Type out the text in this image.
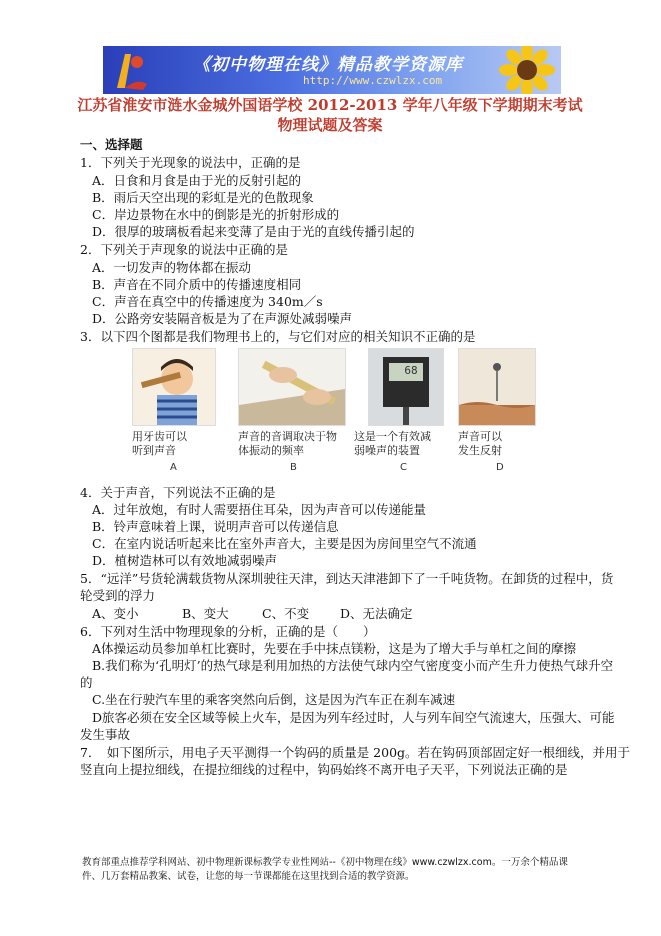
《初中物理在线》精品教学资源库
http://www.czwlzx.com
江苏省淮安市涟水金城外国语学校 2012-2013 学年八年级下学期期末考试
物理试题及答案
一、选择题
1．下列关于光现象的说法中，正确的是
A．日食和月食是由于光的反射引起的
B．雨后天空出现的彩虹是光的色散现象
C．岸边景物在水中的倒影是光的折射形成的
D．很厚的玻璃板看起来变薄了是由于光的直线传播引起的
2．下列关于声现象的说法中正确的是
A．一切发声的物体都在振动
B．声音在不同介质中的传播速度相同
C．声音在真空中的传播速度为 340m／s
D．公路旁安装隔音板是为了在声源处减弱噪声
3．以下四个图都是我们物理书上的，与它们对应的相关知识不正确的是
用牙齿可以
听到声音
A
声音的音调取决于物
体振动的频率
B
68
这是一个有效减
弱噪声的装置
C
声音可以
发生反射
D
4．关于声音，下列说法不正确的是
A．过年放炮，有时人需要捂住耳朵，因为声音可以传递能量
B．铃声意味着上课，说明声音可以传递信息
C．在室内说话听起来比在室外声音大，主要是因为房间里空气不流通
D．植树造林可以有效地减弱噪声
5．“远洋”号货轮满载货物从深圳驶往天津，到达天津港卸下了一千吨货物。在卸货的过程中，货
轮受到的浮力
A、变小	B、变大	C、不变 D、无法确定
6．下列对生活中物理现象的分析，正确的是（　　）
A体操运动员参加单杠比赛时，先要在手中抹点镁粉，这是为了增大手与单杠之间的摩擦
B.我们称为‘孔明灯’的热气球是利用加热的方法使气球内空气密度变小而产生升力使热气球升空
的
C.坐在行驶汽车里的乘客突然向后倒，这是因为汽车正在刹车减速
D旅客必须在安全区域等候上火车，是因为列车经过时，人与列车间空气流速大，压强大、可能
发生事故
7．　如下图所示，用电子天平测得一个钩码的质量是 200g。若在钩码顶部固定好一根细线，并用于
竖直向上提拉细线，在提拉细线的过程中，钩码始终不离开电子天平，下列说法正确的是
教育部重点推荐学科网站、初中物理新课标教学专业性网站--《初中物理在线》www.czwlzx.com。一万余个精品课
件、几万套精品教案、试卷，让您的每一节课都能在这里找到合适的教学资源。
